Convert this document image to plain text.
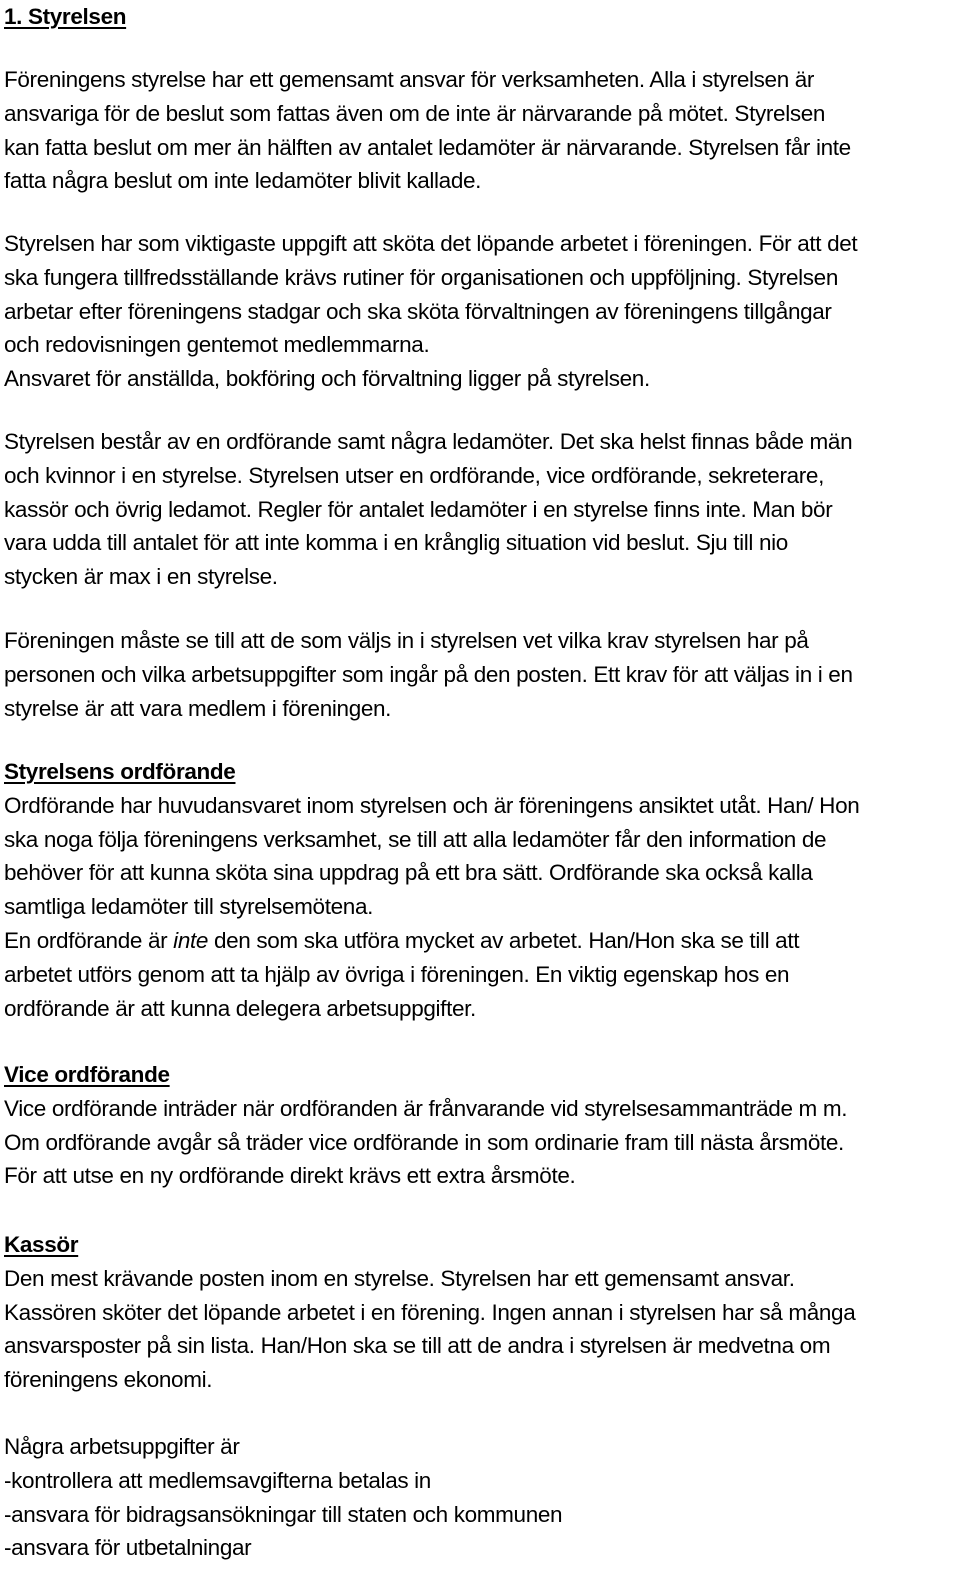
1. Styrelsen
Föreningens styrelse har ett gemensamt ansvar för verksamheten. Alla i styrelsen är
ansvariga för de beslut som fattas även om de inte är närvarande på mötet. Styrelsen
kan fatta beslut om mer än hälften av antalet ledamöter är närvarande. Styrelsen får inte
fatta några beslut om inte ledamöter blivit kallade.
Styrelsen har som viktigaste uppgift att sköta det löpande arbetet i föreningen. För att det
ska fungera tillfredsställande krävs rutiner för organisationen och uppföljning. Styrelsen
arbetar efter föreningens stadgar och ska sköta förvaltningen av föreningens tillgångar
och redovisningen gentemot medlemmarna.
Ansvaret för anställda, bokföring och förvaltning ligger på styrelsen.
Styrelsen består av en ordförande samt några ledamöter. Det ska helst finnas både män
och kvinnor i en styrelse. Styrelsen utser en ordförande, vice ordförande, sekreterare,
kassör och övrig ledamot. Regler för antalet ledamöter i en styrelse finns inte. Man bör
vara udda till antalet för att inte komma i en krånglig situation vid beslut. Sju till nio
stycken är max i en styrelse.
Föreningen måste se till att de som väljs in i styrelsen vet vilka krav styrelsen har på
personen och vilka arbetsuppgifter som ingår på den posten. Ett krav för att väljas in i en
styrelse är att vara medlem i föreningen.
Styrelsens ordförande
Ordförande har huvudansvaret inom styrelsen och är föreningens ansiktet utåt. Han/ Hon
ska noga följa föreningens verksamhet, se till att alla ledamöter får den information de
behöver för att kunna sköta sina uppdrag på ett bra sätt. Ordförande ska också kalla
samtliga ledamöter till styrelsemötena.
En ordförande är inte den som ska utföra mycket av arbetet. Han/Hon ska se till att
arbetet utförs genom att ta hjälp av övriga i föreningen. En viktig egenskap hos en
ordförande är att kunna delegera arbetsuppgifter.
Vice ordförande
Vice ordförande inträder när ordföranden är frånvarande vid styrelsesammanträde m m.
Om ordförande avgår så träder vice ordförande in som ordinarie fram till nästa årsmöte.
För att utse en ny ordförande direkt krävs ett extra årsmöte.
Kassör
Den mest krävande posten inom en styrelse. Styrelsen har ett gemensamt ansvar.
Kassören sköter det löpande arbetet i en förening. Ingen annan i styrelsen har så många
ansvarsposter på sin lista. Han/Hon ska se till att de andra i styrelsen är medvetna om
föreningens ekonomi.
Några arbetsuppgifter är
-kontrollera att medlemsavgifterna betalas in
-ansvara för bidragsansökningar till staten och kommunen
-ansvara för utbetalningar
